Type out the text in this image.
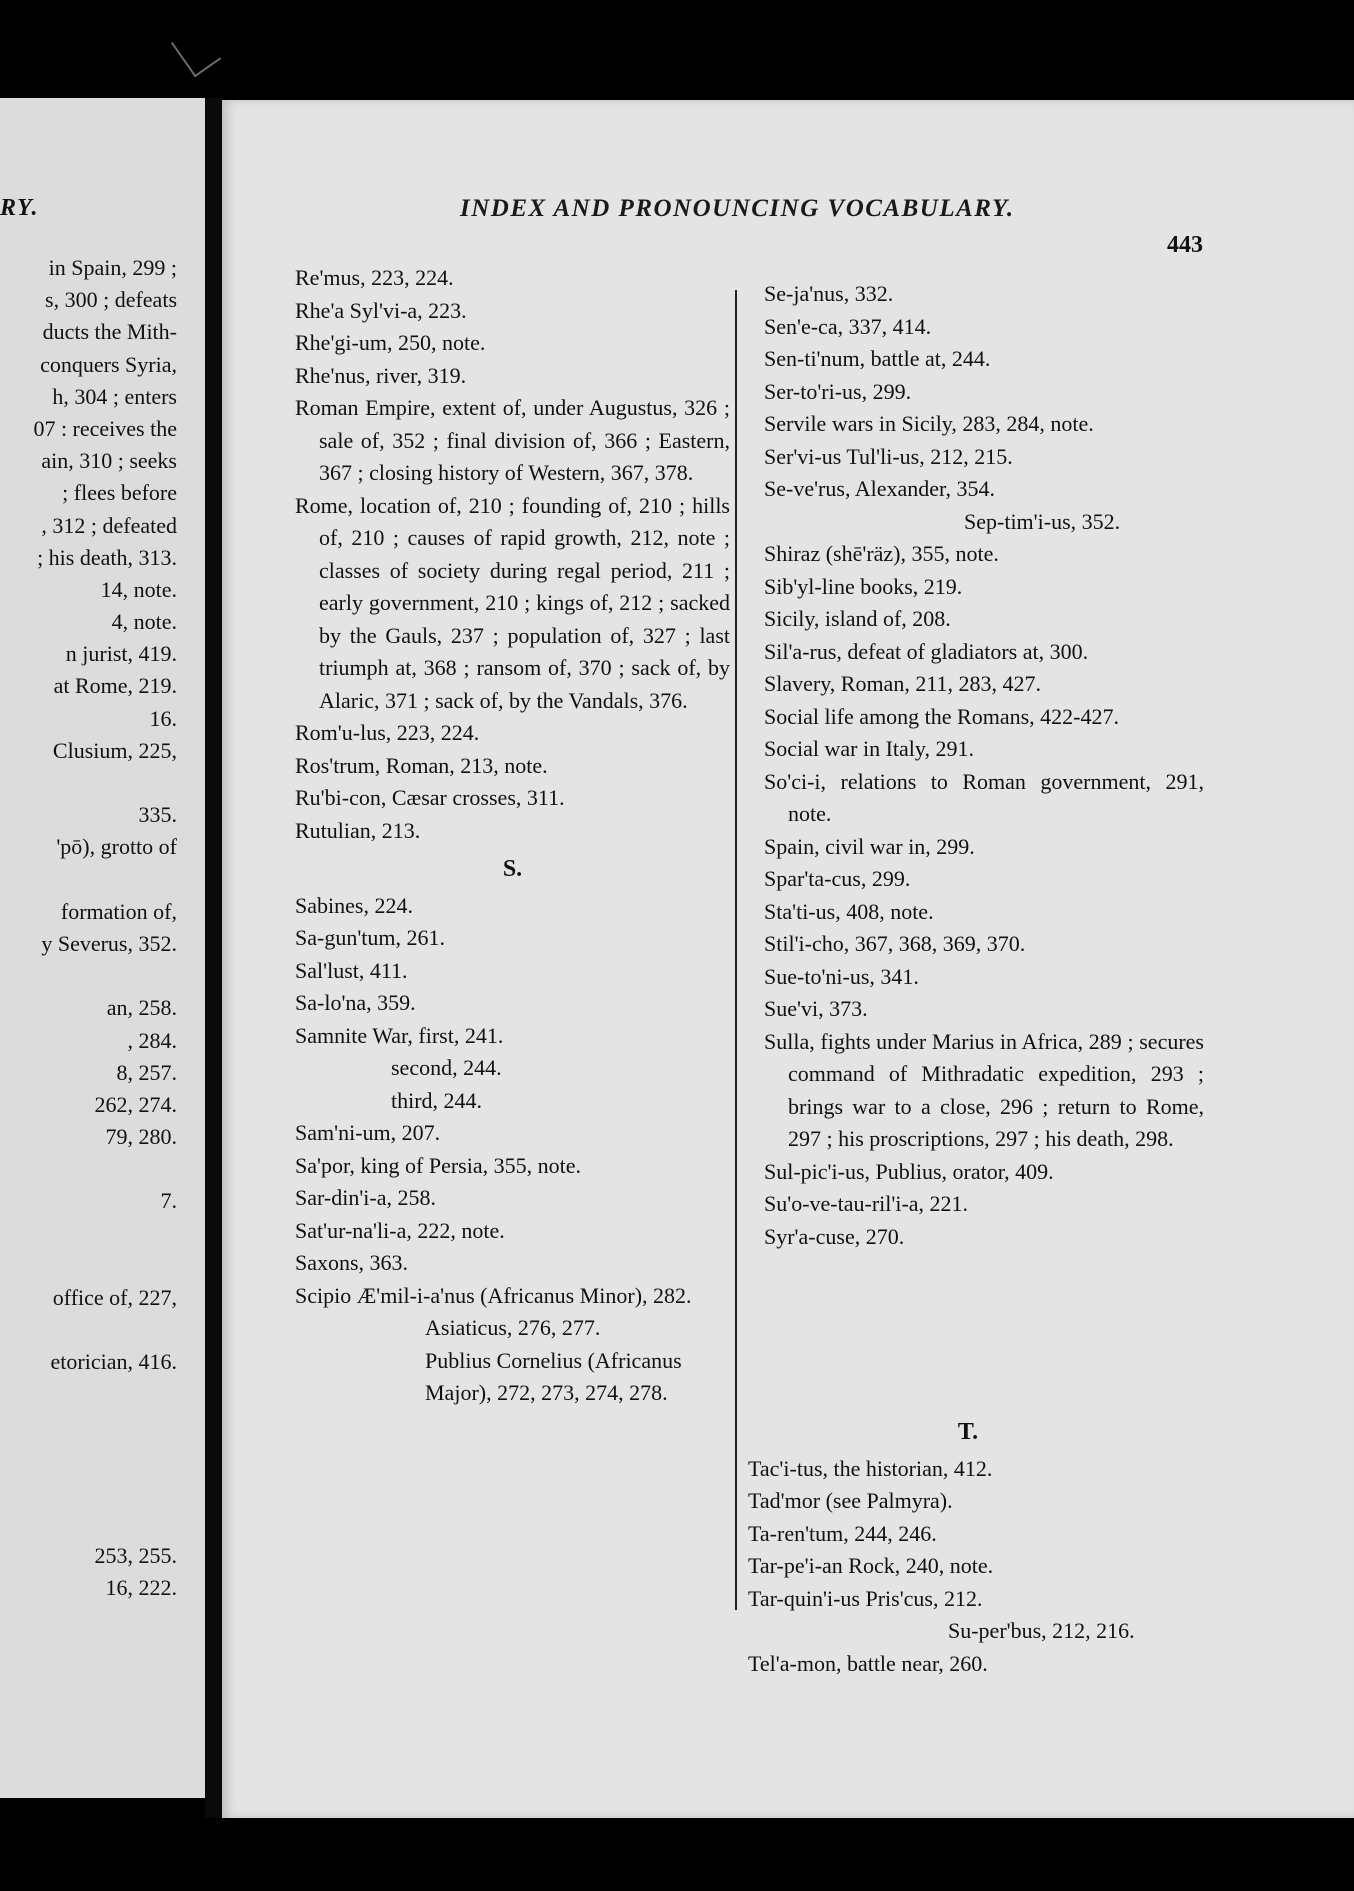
RY.
in Spain, 299 ;
s, 300 ; defeats
ducts the Mith-
conquers Syria,
h, 304 ; enters
07 : receives the
ain, 310 ; seeks
; flees before
, 312 ; defeated
; his death, 313.
14, note.
4, note.
n jurist, 419.
at Rome, 219.
16.
Clusium, 225,
335.
'pō), grotto of
formation of,
y Severus, 352.
an, 258.
, 284.
8, 257.
262, 274.
79, 280.
7.
office of, 227,
etorician, 416.
253, 255.
16, 222.
INDEX AND PRONOUNCING VOCABULARY.
443
Re'mus, 223, 224.
Rhe'a Syl'vi-a, 223.
Rhe'gi-um, 250, note.
Rhe'nus, river, 319.
Roman Empire, extent of, under Augustus, 326 ; sale of, 352 ; final division of, 366 ; Eastern, 367 ; closing history of Western, 367, 378.
Rome, location of, 210 ; founding of, 210 ; hills of, 210 ; causes of rapid growth, 212, note ; classes of society during regal period, 211 ; early government, 210 ; kings of, 212 ; sacked by the Gauls, 237 ; population of, 327 ; last triumph at, 368 ; ransom of, 370 ; sack of, by Alaric, 371 ; sack of, by the Vandals, 376.
Rom'u-lus, 223, 224.
Ros'trum, Roman, 213, note.
Ru'bi-con, Cæsar crosses, 311.
Rutulian, 213.
S.
Sabines, 224.
Sa-gun'tum, 261.
Sal'lust, 411.
Sa-lo'na, 359.
Samnite War, first, 241.
second, 244.
third, 244.
Sam'ni-um, 207.
Sa'por, king of Persia, 355, note.
Sar-din'i-a, 258.
Sat'ur-na'li-a, 222, note.
Saxons, 363.
Scipio Æ'mil-i-a'nus (Africanus Minor), 282.
Asiaticus, 276, 277.
Publius Cornelius (Africanus Major), 272, 273, 274, 278.
Se-ja'nus, 332.
Sen'e-ca, 337, 414.
Sen-ti'num, battle at, 244.
Ser-to'ri-us, 299.
Servile wars in Sicily, 283, 284, note.
Ser'vi-us Tul'li-us, 212, 215.
Se-ve'rus, Alexander, 354.
Sep-tim'i-us, 352.
Shiraz (shē'räz), 355, note.
Sib'yl-line books, 219.
Sicily, island of, 208.
Sil'a-rus, defeat of gladiators at, 300.
Slavery, Roman, 211, 283, 427.
Social life among the Romans, 422-427.
Social war in Italy, 291.
So'ci-i, relations to Roman government, 291, note.
Spain, civil war in, 299.
Spar'ta-cus, 299.
Sta'ti-us, 408, note.
Stil'i-cho, 367, 368, 369, 370.
Sue-to'ni-us, 341.
Sue'vi, 373.
Sulla, fights under Marius in Africa, 289 ; secures command of Mithradatic expedition, 293 ; brings war to a close, 296 ; return to Rome, 297 ; his proscriptions, 297 ; his death, 298.
Sul-pic'i-us, Publius, orator, 409.
Su'o-ve-tau-ril'i-a, 221.
Syr'a-cuse, 270.
T.
Tac'i-tus, the historian, 412.
Tad'mor (see Palmyra).
Ta-ren'tum, 244, 246.
Tar-pe'i-an Rock, 240, note.
Tar-quin'i-us Pris'cus, 212.
Su-per'bus, 212, 216.
Tel'a-mon, battle near, 260.
